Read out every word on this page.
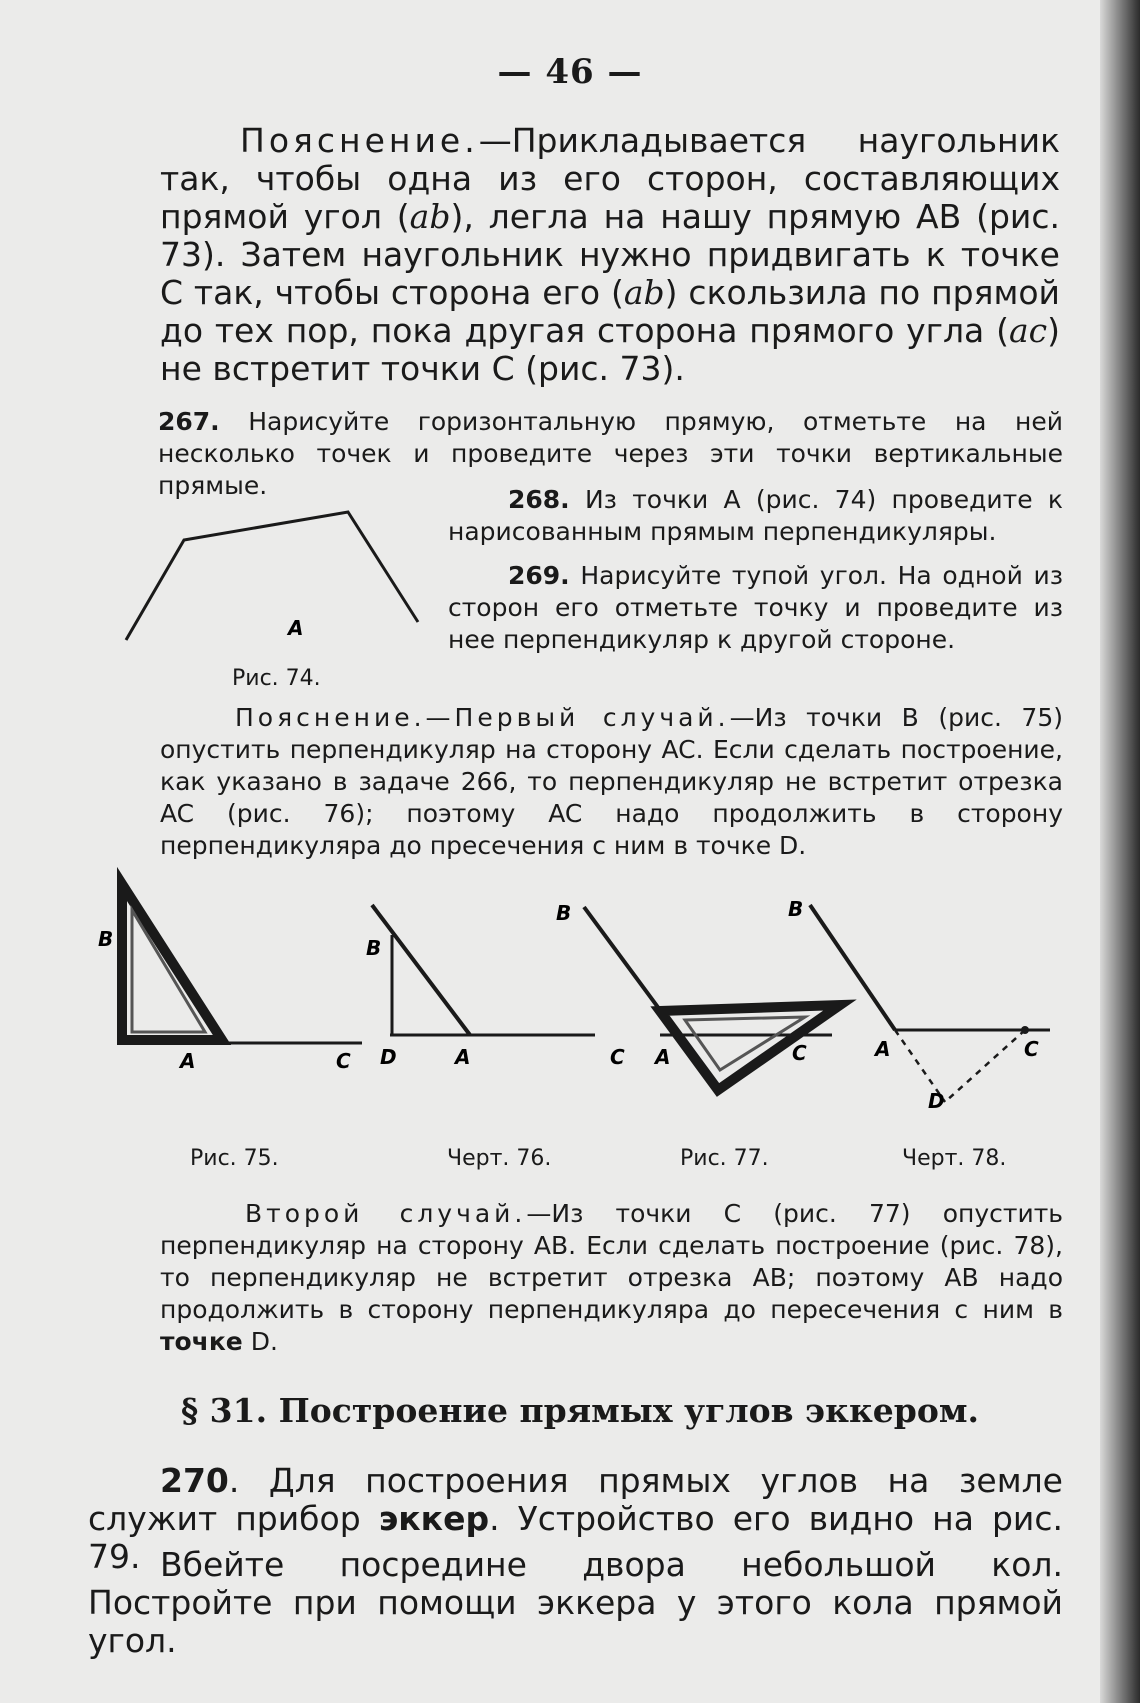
— 46 —

Пояснение.—Прикладывается наугольник так, чтобы одна из его сторон, составляющих прямой угол (ab), легла на нашу прямую AB (рис. 73). Затем наугольник нужно придвигать к точке C так, чтобы сторона его (ab) скользила по прямой до тех пор, пока другая сторона прямого угла (ac) не встретит точки C (рис. 73).

267. Нарисуйте горизонтальную прямую, отметьте на ней несколько точек и проведите через эти точки вертикальные прямые.

A
Рис. 74.

268. Из точки A (рис. 74) проведите к нарисованным прямым перпендикуляры.

269. Нарисуйте тупой угол. На одной из сторон его отметьте точку и проведите из нее перпендикуляр к другой стороне.

Пояснение.—Первый случай.—Из точки B (рис. 75) опустить перпендикуляр на сторону AC. Если сделать построение, как указано в задаче 266, то перпендикуляр не встретит отрезка AC (рис. 76); поэтому AC надо продолжить в сторону перпендикуляра до пресечения с ним в точке D.

B
A	C
Рис. 75.
B
D	A
Черт. 76.
B
C A	C
Рис. 77.
B
A	C
D
Черт. 78.

Второй случай.—Из точки C (рис. 77) опустить перпендикуляр на сторону AB. Если сделать построение (рис. 78), то перпендикуляр не встретит отрезка AB; поэтому AB надо продолжить в сторону перпендикуляра до пересечения с ним в точке D.

§ 31. Построение прямых углов эккером.

270. Для построения прямых углов на земле служит прибор эккер. Устройство его видно на рис. 79. Вбейте посредине двора небольшой кол. Постройте при помощи эккера у этого кола прямой угол.
